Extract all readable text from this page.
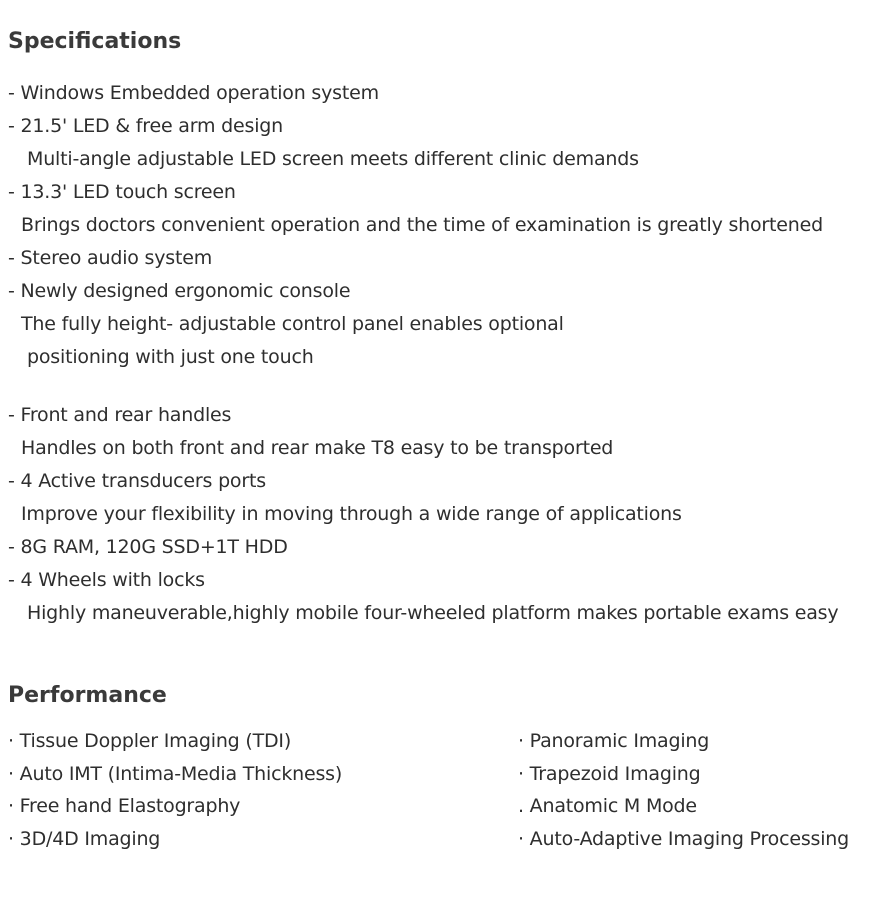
Specifications
- Windows Embedded operation system
- 21.5' LED & free arm design
Multi-angle adjustable LED screen meets different clinic demands
- 13.3' LED touch screen
Brings doctors convenient operation and the time of examination is greatly shortened
- Stereo audio system
- Newly designed ergonomic console
The fully height- adjustable control panel enables optional
positioning with just one touch
- Front and rear handles
Handles on both front and rear make T8 easy to be transported
- 4 Active transducers ports
Improve your flexibility in moving through a wide range of applications
- 8G RAM, 120G SSD+1T HDD
- 4 Wheels with locks
Highly maneuverable,highly mobile four-wheeled platform makes portable exams easy
Performance
· Tissue Doppler Imaging (TDI)
· Auto IMT (Intima-Media Thickness)
· Free hand Elastography
· 3D/4D Imaging
· Panoramic Imaging
· Trapezoid Imaging
. Anatomic M Mode
· Auto-Adaptive Imaging Processing
